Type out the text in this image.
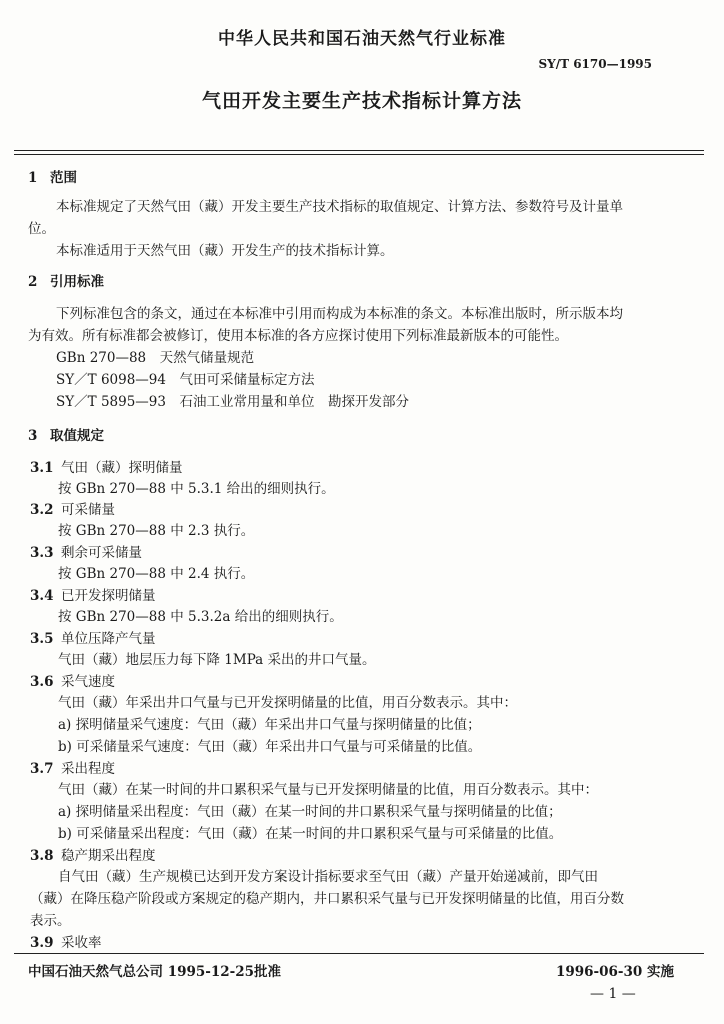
中华人民共和国石油天然气行业标准
SY/T 6170—1995
气田开发主要生产技术指标计算方法
1 范围
本标准规定了天然气田（藏）开发主要生产技术指标的取值规定、计算方法、参数符号及计量单
位。
本标准适用于天然气田（藏）开发生产的技术指标计算。
2 引用标准
下列标准包含的条文，通过在本标准中引用而构成为本标准的条文。本标准出版时，所示版本均
为有效。所有标准都会被修订，使用本标准的各方应探讨使用下列标准最新版本的可能性。
GBn 270—88　天然气储量规范
SY／T 6098—94　气田可采储量标定方法
SY／T 5895—93　石油工业常用量和单位　勘探开发部分
3 取值规定
3.1 气田（藏）探明储量
按 GBn 270—88 中 5.3.1 给出的细则执行。
3.2 可采储量
按 GBn 270—88 中 2.3 执行。
3.3 剩余可采储量
按 GBn 270—88 中 2.4 执行。
3.4 已开发探明储量
按 GBn 270—88 中 5.3.2a 给出的细则执行。
3.5 单位压降产气量
气田（藏）地层压力每下降 1MPa 采出的井口气量。
3.6 采气速度
气田（藏）年采出井口气量与已开发探明储量的比值，用百分数表示。其中：
a) 探明储量采气速度：气田（藏）年采出井口气量与探明储量的比值；
b) 可采储量采气速度：气田（藏）年采出井口气量与可采储量的比值。
3.7 采出程度
气田（藏）在某一时间的井口累积采气量与已开发探明储量的比值，用百分数表示。其中：
a) 探明储量采出程度：气田（藏）在某一时间的井口累积采气量与探明储量的比值；
b) 可采储量采出程度：气田（藏）在某一时间的井口累积采气量与可采储量的比值。
3.8 稳产期采出程度
自气田（藏）生产规模已达到开发方案设计指标要求至气田（藏）产量开始递减前，即气田
（藏）在降压稳产阶段或方案规定的稳产期内，井口累积采气量与已开发探明储量的比值，用百分数
表示。
3.9 采收率
中国石油天然气总公司 1995-12-25批准	1996-06-30 实施
— 1 —
